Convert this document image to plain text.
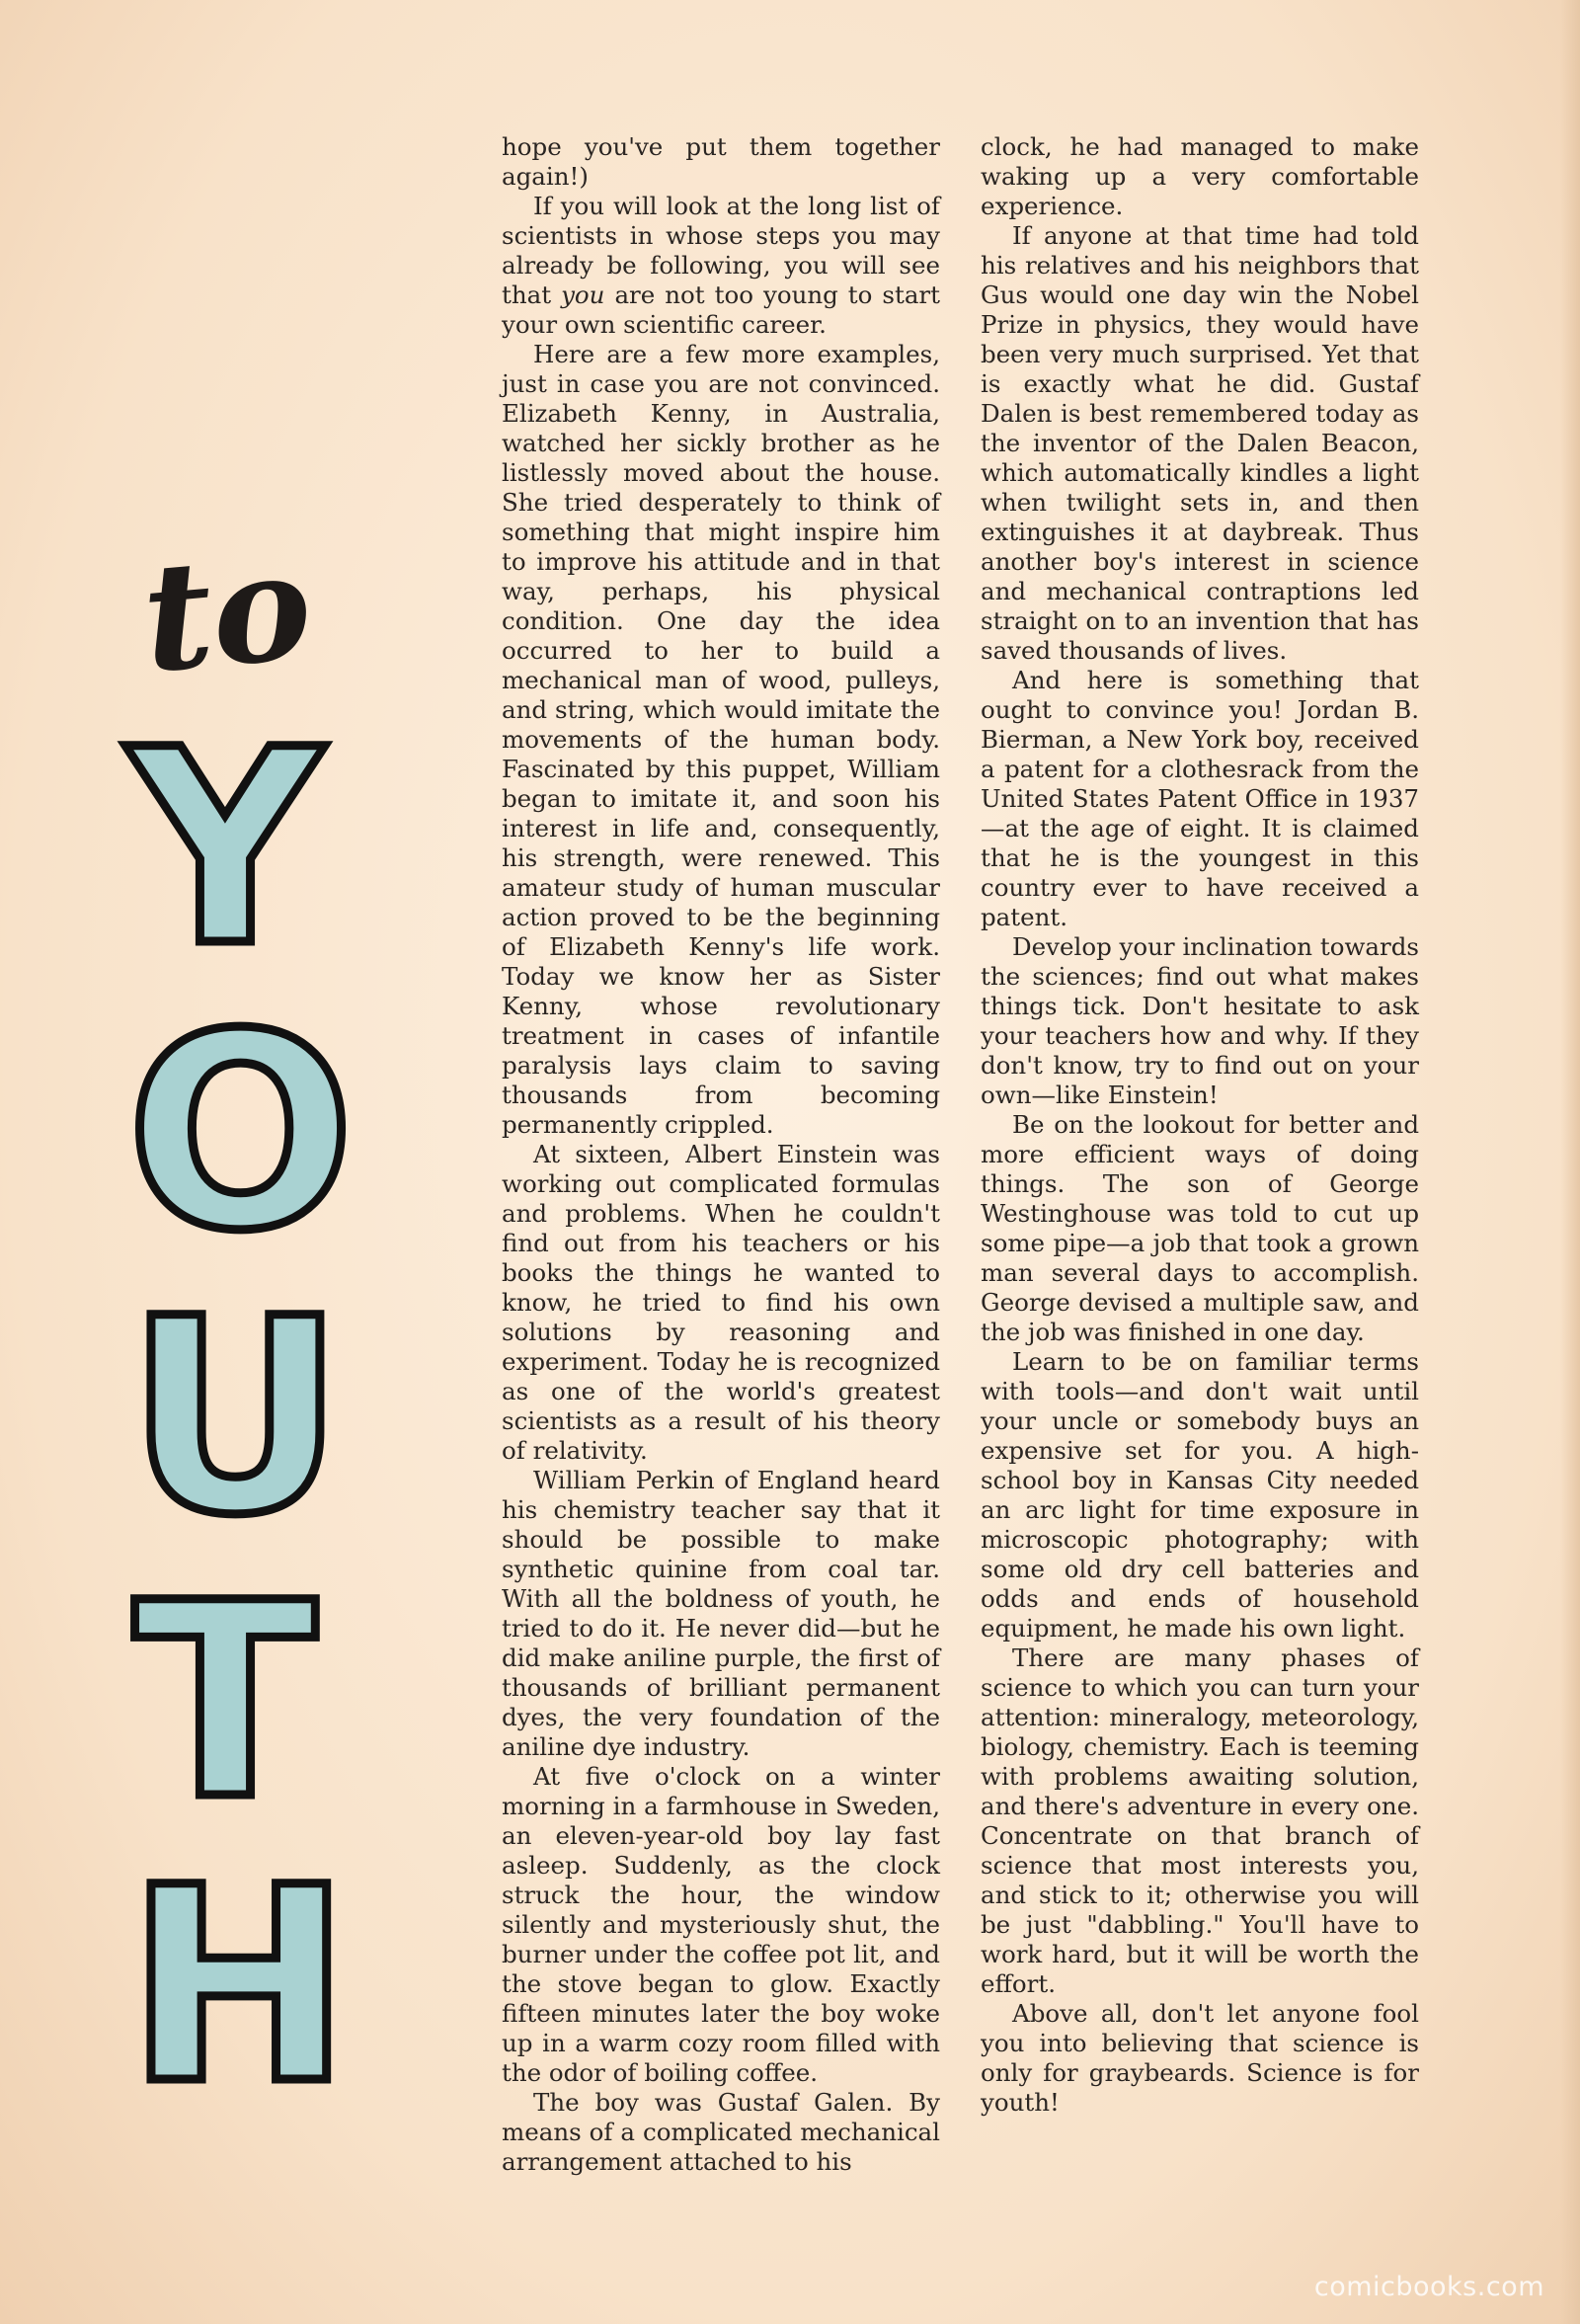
to
Y
O
U
T
H

hope you've put them together again!)

If you will look at the long list of scientists in whose steps you may already be following, you will see that you are not too young to start your own scientific career.

Here are a few more examples, just in case you are not convinced. Elizabeth Kenny, in Australia, watched her sickly brother as he listlessly moved about the house. She tried desperately to think of something that might inspire him to improve his attitude and in that way, perhaps, his physical condition. One day the idea occurred to her to build a mechanical man of wood, pulleys, and string, which would imitate the movements of the human body. Fascinated by this puppet, William began to imitate it, and soon his interest in life and, consequently, his strength, were renewed. This amateur study of human muscular action proved to be the beginning of Elizabeth Kenny's life work. Today we know her as Sister Kenny, whose revolutionary treatment in cases of infantile paralysis lays claim to saving thousands from becoming permanently crippled.

At sixteen, Albert Einstein was working out complicated formulas and problems. When he couldn't find out from his teachers or his books the things he wanted to know, he tried to find his own solutions by reasoning and experiment. Today he is recognized as one of the world's greatest scientists as a result of his theory of relativity.

William Perkin of England heard his chemistry teacher say that it should be possible to make synthetic quinine from coal tar. With all the boldness of youth, he tried to do it. He never did—but he did make aniline purple, the first of thousands of brilliant permanent dyes, the very foundation of the aniline dye industry.

At five o'clock on a winter morning in a farmhouse in Sweden, an eleven-year-old boy lay fast asleep. Suddenly, as the clock struck the hour, the window silently and mysteriously shut, the burner under the coffee pot lit, and the stove began to glow. Exactly fifteen minutes later the boy woke up in a warm cozy room filled with the odor of boiling coffee.

The boy was Gustaf Galen. By means of a complicated mechanical arrangement attached to his

clock, he had managed to make waking up a very comfortable experience.

If anyone at that time had told his relatives and his neighbors that Gus would one day win the Nobel Prize in physics, they would have been very much surprised. Yet that is exactly what he did. Gustaf Dalen is best remembered today as the inventor of the Dalen Beacon, which automatically kindles a light when twilight sets in, and then extinguishes it at daybreak. Thus another boy's interest in science and mechanical contraptions led straight on to an invention that has saved thousands of lives.

And here is something that ought to convince you! Jordan B. Bierman, a New York boy, received a patent for a clothesrack from the United States Patent Office in 1937—at the age of eight. It is claimed that he is the youngest in this country ever to have received a patent.

Develop your inclination towards the sciences; find out what makes things tick. Don't hesitate to ask your teachers how and why. If they don't know, try to find out on your own—like Einstein!

Be on the lookout for better and more efficient ways of doing things. The son of George Westinghouse was told to cut up some pipe—a job that took a grown man several days to accomplish. George devised a multiple saw, and the job was finished in one day.

Learn to be on familiar terms with tools—and don't wait until your uncle or somebody buys an expensive set for you. A high-school boy in Kansas City needed an arc light for time exposure in microscopic photography; with some old dry cell batteries and odds and ends of household equipment, he made his own light.

There are many phases of science to which you can turn your attention: mineralogy, meteorology, biology, chemistry. Each is teeming with problems awaiting solution, and there's adventure in every one. Concentrate on that branch of science that most interests you, and stick to it; otherwise you will be just "dabbling." You'll have to work hard, but it will be worth the effort.

Above all, don't let anyone fool you into believing that science is only for graybeards. Science is for youth!

comicbooks.com
